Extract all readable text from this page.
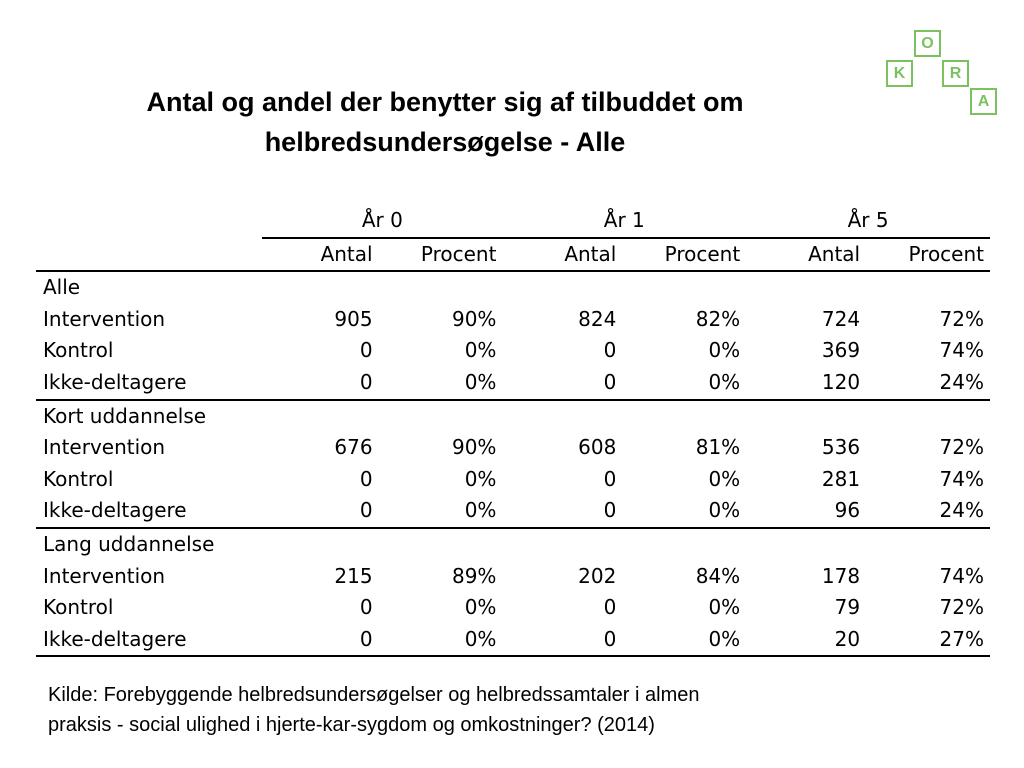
Antal og andel der benytter sig af tilbuddet om
helbredsundersøgelse - Alle
O
K	R
A
	År 0		År 1		År 5	
	Antal	Procent	Antal	Procent	Antal	Procent
Alle						
Intervention	905	90%	824	82%	724	72%
Kontrol	0	0%	0	0%	369	74%
Ikke-deltagere	0	0%	0	0%	120	24%
Kort uddannelse						
Intervention	676	90%	608	81%	536	72%
Kontrol	0	0%	0	0%	281	74%
Ikke-deltagere	0	0%	0	0%	96	24%
Lang uddannelse						
Intervention	215	89%	202	84%	178	74%
Kontrol	0	0%	0	0%	79	72%
Ikke-deltagere	0	0%	0	0%	20	27%
Kilde: Forebyggende helbredsundersøgelser og helbredssamtaler i almen
praksis - social ulighed i hjerte-kar-sygdom og omkostninger? (2014)
